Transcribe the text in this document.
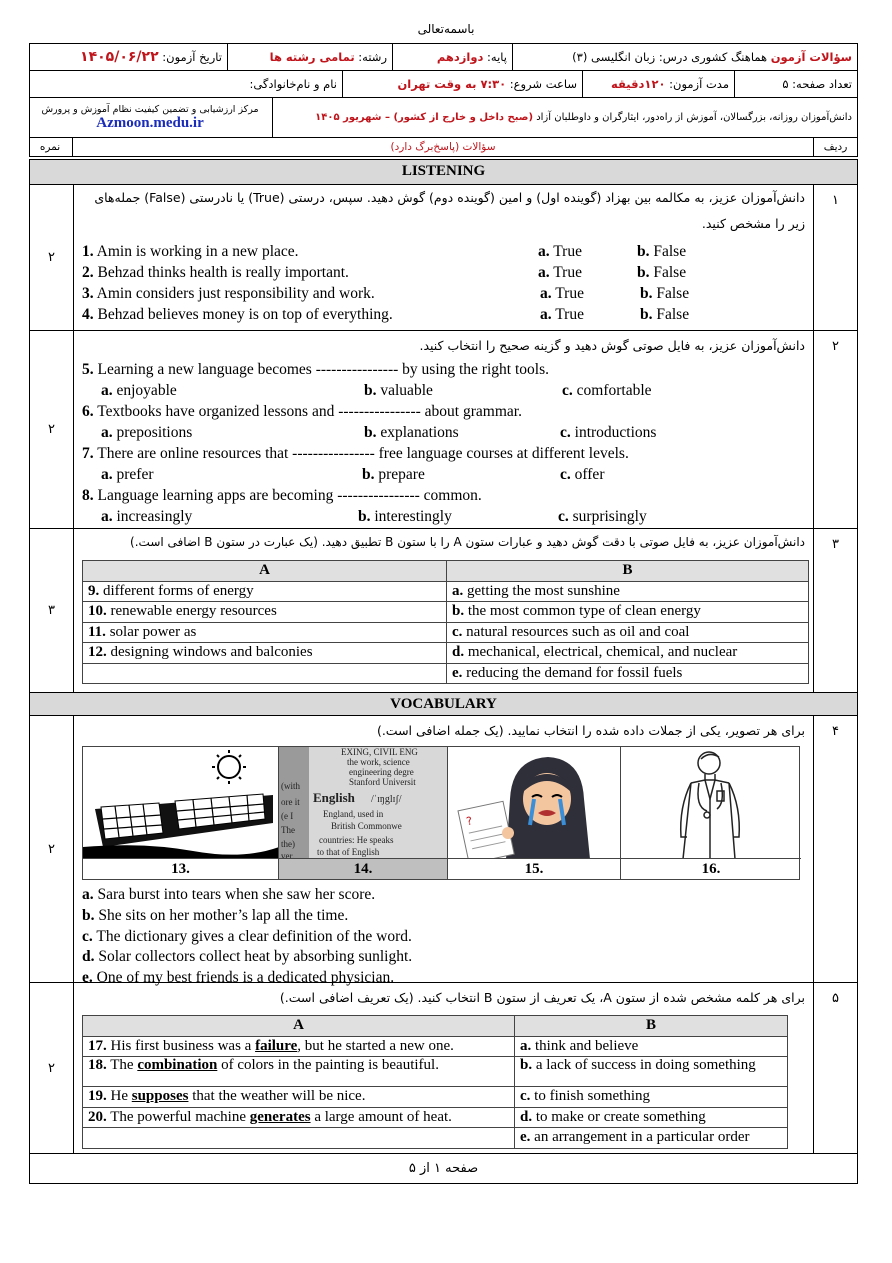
باسمه‌تعالی
سؤالات آزمون

هماهنگ کشوری درس: زبان انگلیسی (۳)
پایه:

دوازدهم
رشته:

تمامی رشته ها
تاریخ آزمون:

۱۴۰۵/۰۶/۲۲
تعداد صفحه: ۵
مدت آزمون:

۱۲۰دقیقه
ساعت شروع:

۷:۳۰ به وقت تهران
نام و نام‌خانوادگی:
دانش‌آموزان روزانه، بزرگسالان، آموزش از راه‌دور، ایثارگران و داوطلبان آزاد

(صبح داخل و خارج از کشور) – شهریور ۱۴۰۵
مرکز ارزشیابی و تضمین کیفیت نظام آموزش و پرورش
Azmoon.medu.ir
ردیف
سؤالات (پاسخ‌برگ دارد)
نمره
LISTENING
۱
۲
دانش‌آموزان عزیز، به مکالمه بین بهزاد (گوینده اول) و امین (گوینده دوم) گوش دهید. سپس، درستی (True) یا نادرستی (False) جمله‌های
زیر را مشخص کنید.
1. Amin is working in a new place.	a. True	b. False
2. Behzad thinks health is really important.	a. True	b. False
3. Amin considers just responsibility and work.	a. True	b. False
4. Behzad believes money is on top of everything.	a. True	b. False
۲
۲
دانش‌آموزان عزیز، به فایل صوتی گوش دهید و گزینه صحیح را انتخاب کنید.
5. Learning a new language becomes ---------------- by using the right tools.
a. enjoyable	b. valuable	c. comfortable
6. Textbooks have organized lessons and ---------------- about grammar.
a. prepositions	b. explanations	c. introductions
7. There are online resources that ---------------- free language courses at different levels.
a. prefer	b. prepare	c. offer
8. Language learning apps are becoming ---------------- common.
a. increasingly	b. interestingly	c. surprisingly
۳
۳
دانش‌آموزان عزیز، به فایل صوتی با دقت گوش دهید و عبارات ستون A را با ستون B تطبیق دهید. (یک عبارت در ستون B اضافی است.)
A	B
9. different forms of energy	a. getting the most sunshine
10. renewable energy resources	b. the most common type of clean energy
11. solar power as	c. natural resources such as oil and coal
12. designing windows and balconies	d. mechanical, electrical, chemical, and nuclear
	e. reducing the demand for fossil fuels
VOCABULARY
۴
۲
برای هر تصویر، یکی از جملات داده شده را انتخاب نمایید. (یک جمله اضافی است.)
(with
ore it
(e I
The
the)
ver.
EXING, CIVIL ENG
the work, science
engineering degre
Stanford Universit
English /ˈɪŋglɪʃ/
England, used in
British Commonwe
countries: He speaks
to that of English
?
13.	14.	15.	16.
a. Sara burst into tears when she saw her score.
b. She sits on her mother’s lap all the time.
c. The dictionary gives a clear definition of the word.
d. Solar collectors collect heat by absorbing sunlight.
e. One of my best friends is a dedicated physician.
۵
۲
برای هر کلمه مشخص شده از ستون A، یک تعریف از ستون B انتخاب کنید. (یک تعریف اضافی است.)
A	B
17. His first business was a failure, but he started a new one.	a. think and believe
18. The combination of colors in the painting is beautiful.	b. a lack of success in doing something
19. He supposes that the weather will be nice.	c. to finish something
20. The powerful machine generates a large amount of heat.	d. to make or create something
	e. an arrangement in a particular order
صفحه ۱ از ۵
